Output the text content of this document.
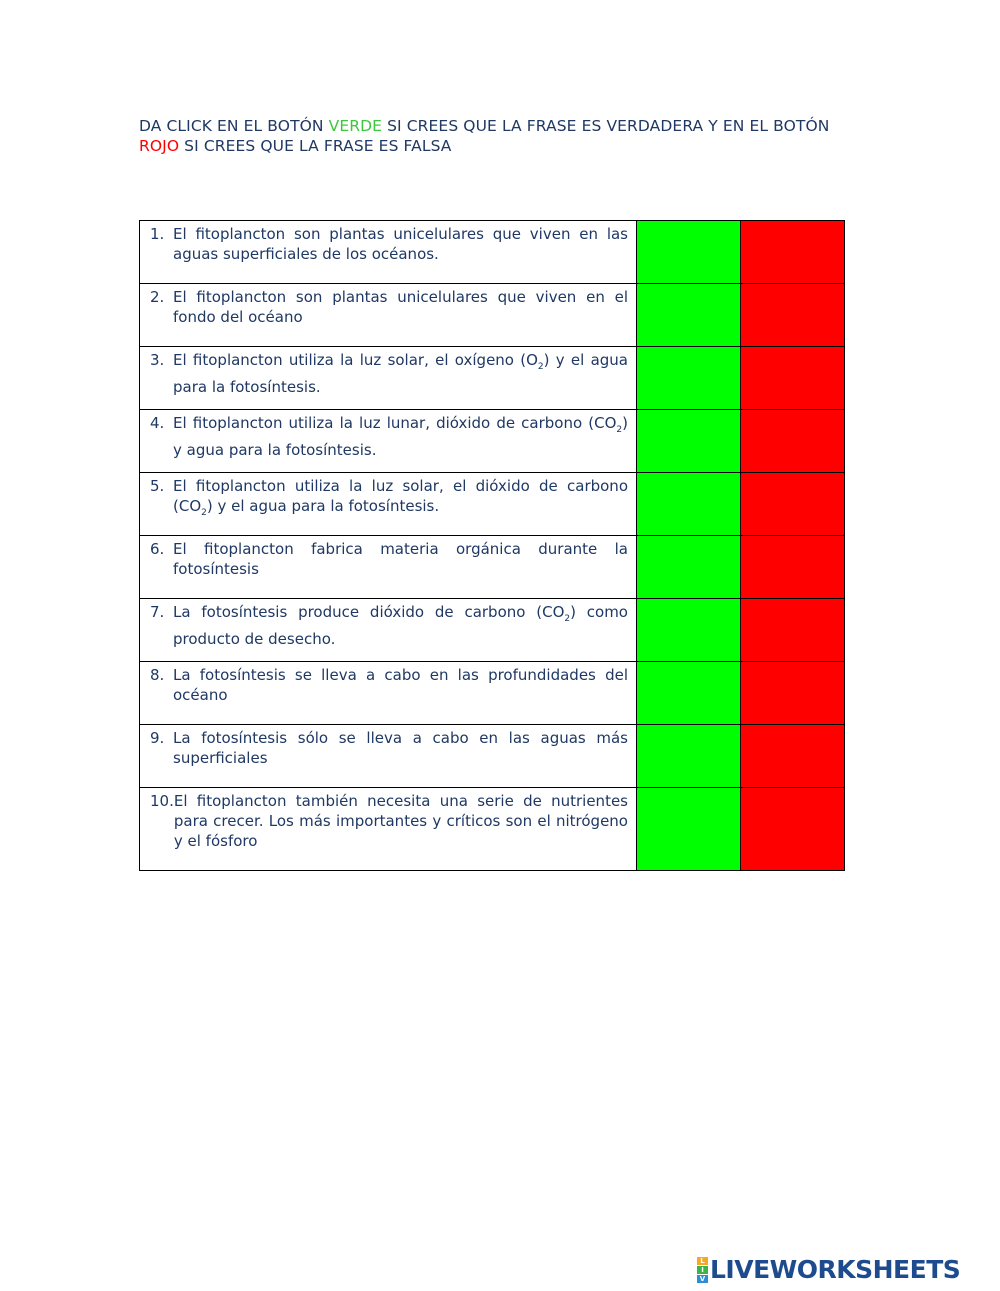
DA CLICK EN EL BOTÓN VERDE SI CREES QUE LA FRASE ES VERDADERA Y EN EL BOTÓN ROJO SI CREES QUE LA FRASE ES FALSA
1. El fitoplancton son plantas unicelulares que viven en las aguas superficiales de los océanos.		

2. El fitoplancton son plantas unicelulares que viven en el fondo del océano		

3. El fitoplancton utiliza la luz solar, el oxígeno $(O_2)$ y el agua para la fotosíntesis.		

4. El fitoplancton utiliza la luz lunar, dióxido de carbono $(CO_2)$ y agua para la fotosíntesis.		

5. El fitoplancton utiliza la luz solar, el dióxido de carbono $(CO_2)$ y el agua para la fotosíntesis.		

6. El fitoplancton fabrica materia orgánica durante la fotosíntesis		

7. La fotosíntesis produce dióxido de carbono $(CO_2)$ como producto de desecho.		

8. La fotosíntesis se lleva a cabo en las profundidades del océano		

9. La fotosíntesis sólo se lleva a cabo en las aguas más superficiales		

10. El fitoplancton también necesita una serie de nutrientes para crecer. Los más importantes y críticos son el nitrógeno y el fósforo		

L
I
V LIVEWORKSHEETS
